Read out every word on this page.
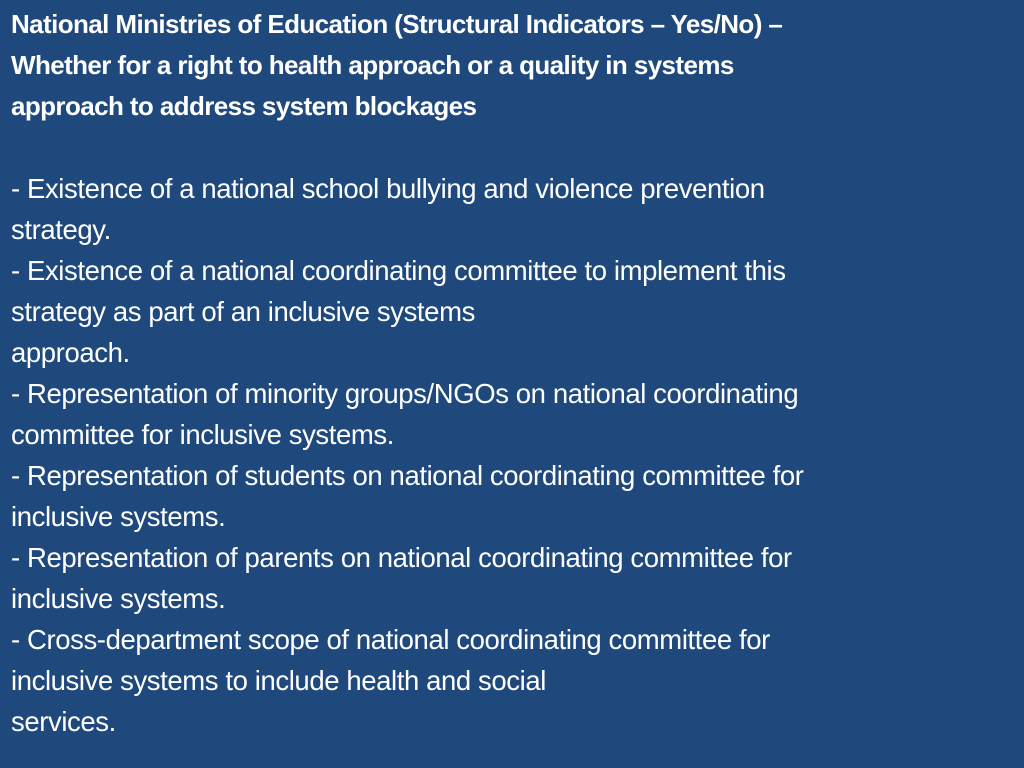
National Ministries of Education (Structural Indicators – Yes/No) –
Whether for a right to health approach or a quality in systems
approach to address system blockages
- Existence of a national school bullying and violence prevention
strategy.
- Existence of a national coordinating committee to implement this
strategy as part of an inclusive systems
approach.
- Representation of minority groups/NGOs on national coordinating
committee for inclusive systems.
- Representation of students on national coordinating committee for
inclusive systems.
- Representation of parents on national coordinating committee for
inclusive systems.
- Cross-department scope of national coordinating committee for
inclusive systems to include health and social
services.
